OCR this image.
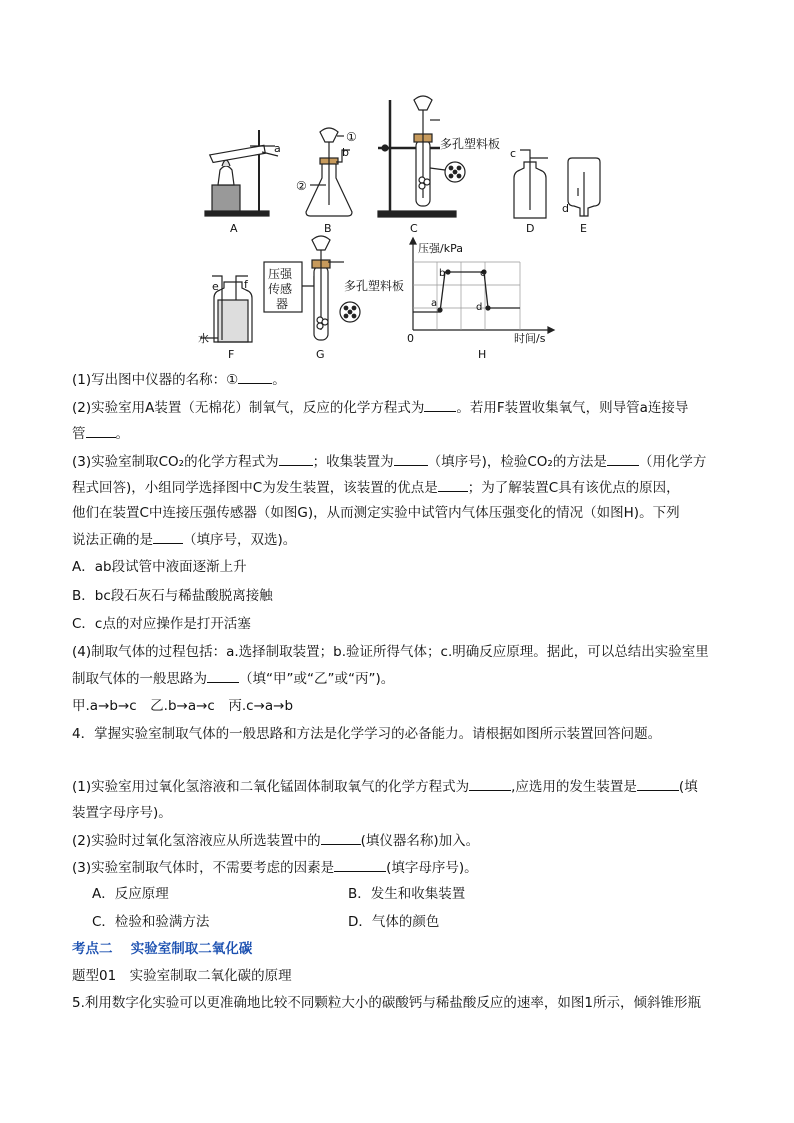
A	B	C	D	E
F	G	H
a	b	c
d
e f
①
②
多孔塑料板
多孔塑料板
压强
传感
器
水
压强/kPa
时间/s
0
a
b	c
d
(1)写出图中仪器的名称：①	。
(2)实验室用A装置（无棉花）制氧气，反应的化学方程式为 。若用F装置收集氧气，则导管a连接导
管 。
(3)实验室制取CO₂的化学方程式为	；收集装置为	（填序号)，检验CO₂的方法是 （用化学方
程式回答)，小组同学选择图中C为发生装置，该装置的优点是 ；为了解装置C具有该优点的原因，
他们在装置C中连接压强传感器（如图G)，从而测定实验中试管内气体压强变化的情况（如图H)。下列
说法正确的是 （填序号，双选)。
A．ab段试管中液面逐渐上升
B．bc段石灰石与稀盐酸脱离接触
C．c点的对应操作是打开活塞
(4)制取气体的过程包括：a.选择制取装置；b.验证所得气体；c.明确反应原理。据此，可以总结出实验室里
制取气体的一般思路为 （填“甲”或“乙”或“丙”)。
甲.a→b→c　乙.b→a→c　丙.c→a→b
4．掌握实验室制取气体的一般思路和方法是化学学习的必备能力。请根据如图所示装置回答问题。
(1)实验室用过氧化氢溶液和二氧化锰固体制取氧气的化学方程式为	,应选用的发生装置是	(填
装置字母序号)。
(2)实验时过氧化氢溶液应从所选装置中的	(填仪器名称)加入。
(3)实验室制取气体时，不需要考虑的因素是	(填字母序号)。
A．反应原理	B．发生和收集装置
C．检验和验满方法	D．气体的颜色
考点二　 实验室制取二氧化碳
题型01　实验室制取二氧化碳的原理
5.利用数字化实验可以更准确地比较不同颗粒大小的碳酸钙与稀盐酸反应的速率，如图1所示，倾斜锥形瓶
